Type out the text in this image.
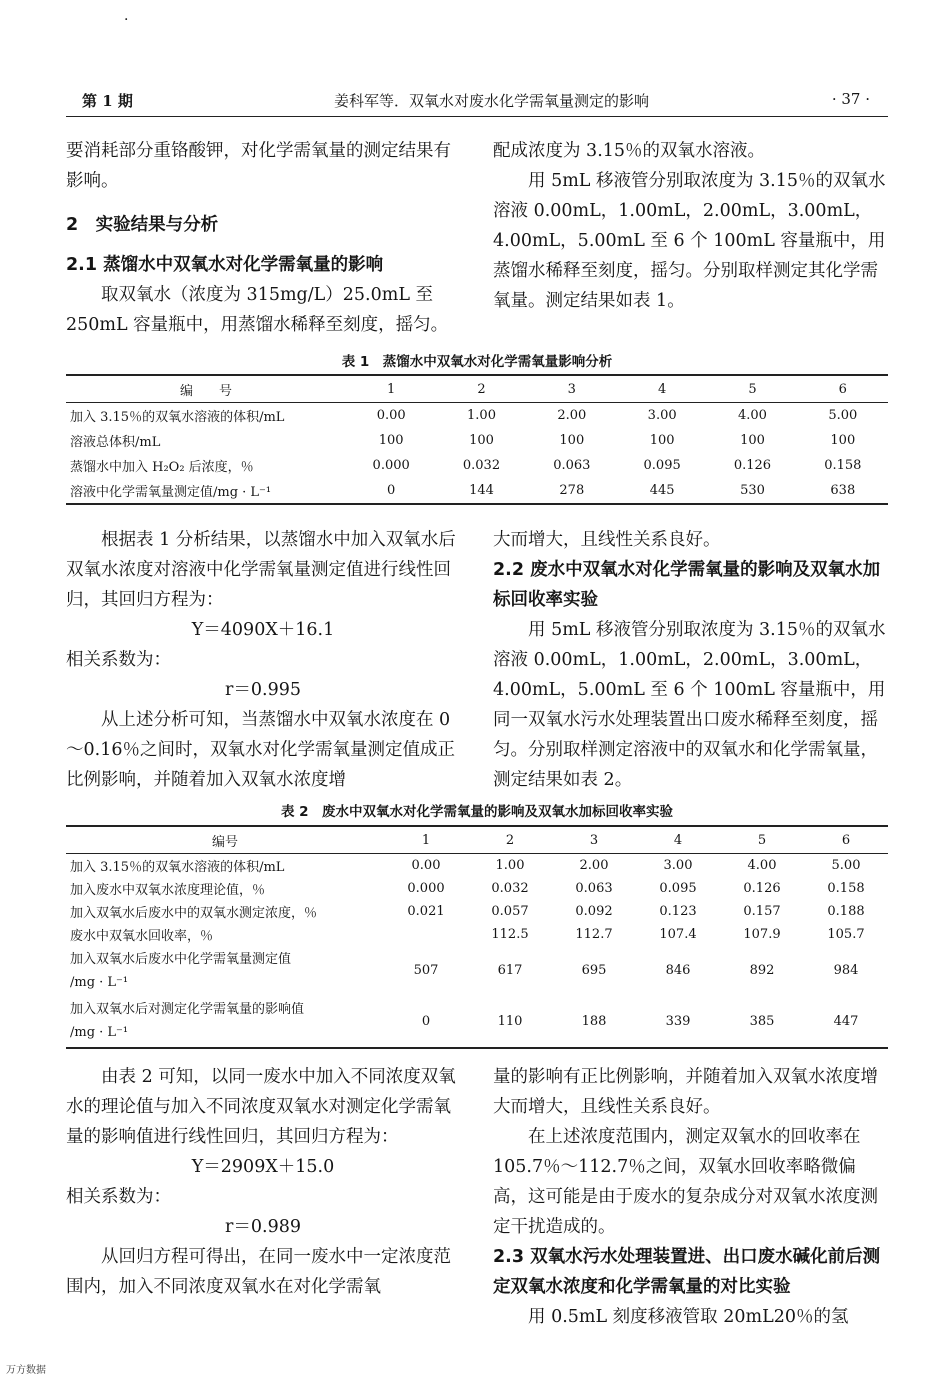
·
第 1 期	姜科军等．双氧水对废水化学需氧量测定的影响	· 37 ·

要消耗部分重铬酸钾，对化学需氧量的测定结果有影响。

2　实验结果与分析
2.1 蒸馏水中双氧水对化学需氧量的影响

取双氧水（浓度为 315mg/L）25.0mL 至 250mL 容量瓶中，用蒸馏水稀释至刻度，摇匀。

配成浓度为 3.15％的双氧水溶液。

用 5mL 移液管分别取浓度为 3.15％的双氧水溶液 0.00mL，1.00mL，2.00mL，3.00mL，4.00mL，5.00mL 至 6 个 100mL 容量瓶中，用蒸馏水稀释至刻度，摇匀。分别取样测定其化学需氧量。测定结果如表 1。

表 1　蒸馏水中双氧水对化学需氧量影响分析
编　　号	1	2	3	4	5	6
加入 3.15％的双氧水溶液的体积/mL	0.00	1.00	2.00	3.00	4.00	5.00
溶液总体积/mL	100	100	100	100	100	100
蒸馏水中加入 H₂O₂ 后浓度，％	0.000	0.032	0.063	0.095	0.126	0.158
溶液中化学需氧量测定值/mg · L⁻¹	0	144	278	445	530	638

根据表 1 分析结果，以蒸馏水中加入双氧水后双氧水浓度对溶液中化学需氧量测定值进行线性回归，其回归方程为：

Y＝4090X＋16.1

相关系数为：

r＝0.995

从上述分析可知，当蒸馏水中双氧水浓度在 0～0.16％之间时，双氧水对化学需氧量测定值成正比例影响，并随着加入双氧水浓度增

大而增大，且线性关系良好。

2.2 废水中双氧水对化学需氧量的影响及双氧水加标回收率实验

用 5mL 移液管分别取浓度为 3.15％的双氧水溶液 0.00mL，1.00mL，2.00mL，3.00mL，4.00mL，5.00mL 至 6 个 100mL 容量瓶中，用同一双氧水污水处理装置出口废水稀释至刻度，摇匀。分别取样测定溶液中的双氧水和化学需氧量，测定结果如表 2。

表 2　废水中双氧水对化学需氧量的影响及双氧水加标回收率实验
编号	1	2	3	4	5	6
加入 3.15％的双氧水溶液的体积/mL	0.00	1.00	2.00	3.00	4.00	5.00
加入废水中双氧水浓度理论值，％	0.000	0.032	0.063	0.095	0.126	0.158
加入双氧水后废水中的双氧水测定浓度，％	0.021	0.057	0.092	0.123	0.157	0.188
废水中双氧水回收率，％		112.5	112.7	107.4	107.9	105.7

加入双氧水后废水中化学需氧量测定值
/mg · L⁻¹	507	617	695	846	892	984

加入双氧水后对测定化学需氧量的影响值
/mg · L⁻¹	0	110	188	339	385	447

由表 2 可知，以同一废水中加入不同浓度双氧水的理论值与加入不同浓度双氧水对测定化学需氧量的影响值进行线性回归，其回归方程为：

Y＝2909X＋15.0

相关系数为：

r＝0.989

从回归方程可得出，在同一废水中一定浓度范围内，加入不同浓度双氧水在对化学需氧

量的影响有正比例影响，并随着加入双氧水浓度增大而增大，且线性关系良好。

在上述浓度范围内，测定双氧水的回收率在 105.7％～112.7％之间，双氧水回收率略微偏高，这可能是由于废水的复杂成分对双氧水浓度测定干扰造成的。

2.3 双氧水污水处理装置进、出口废水碱化前后测定双氧水浓度和化学需氧量的对比实验

用 0.5mL 刻度移液管取 20mL20％的氢

万方数据
